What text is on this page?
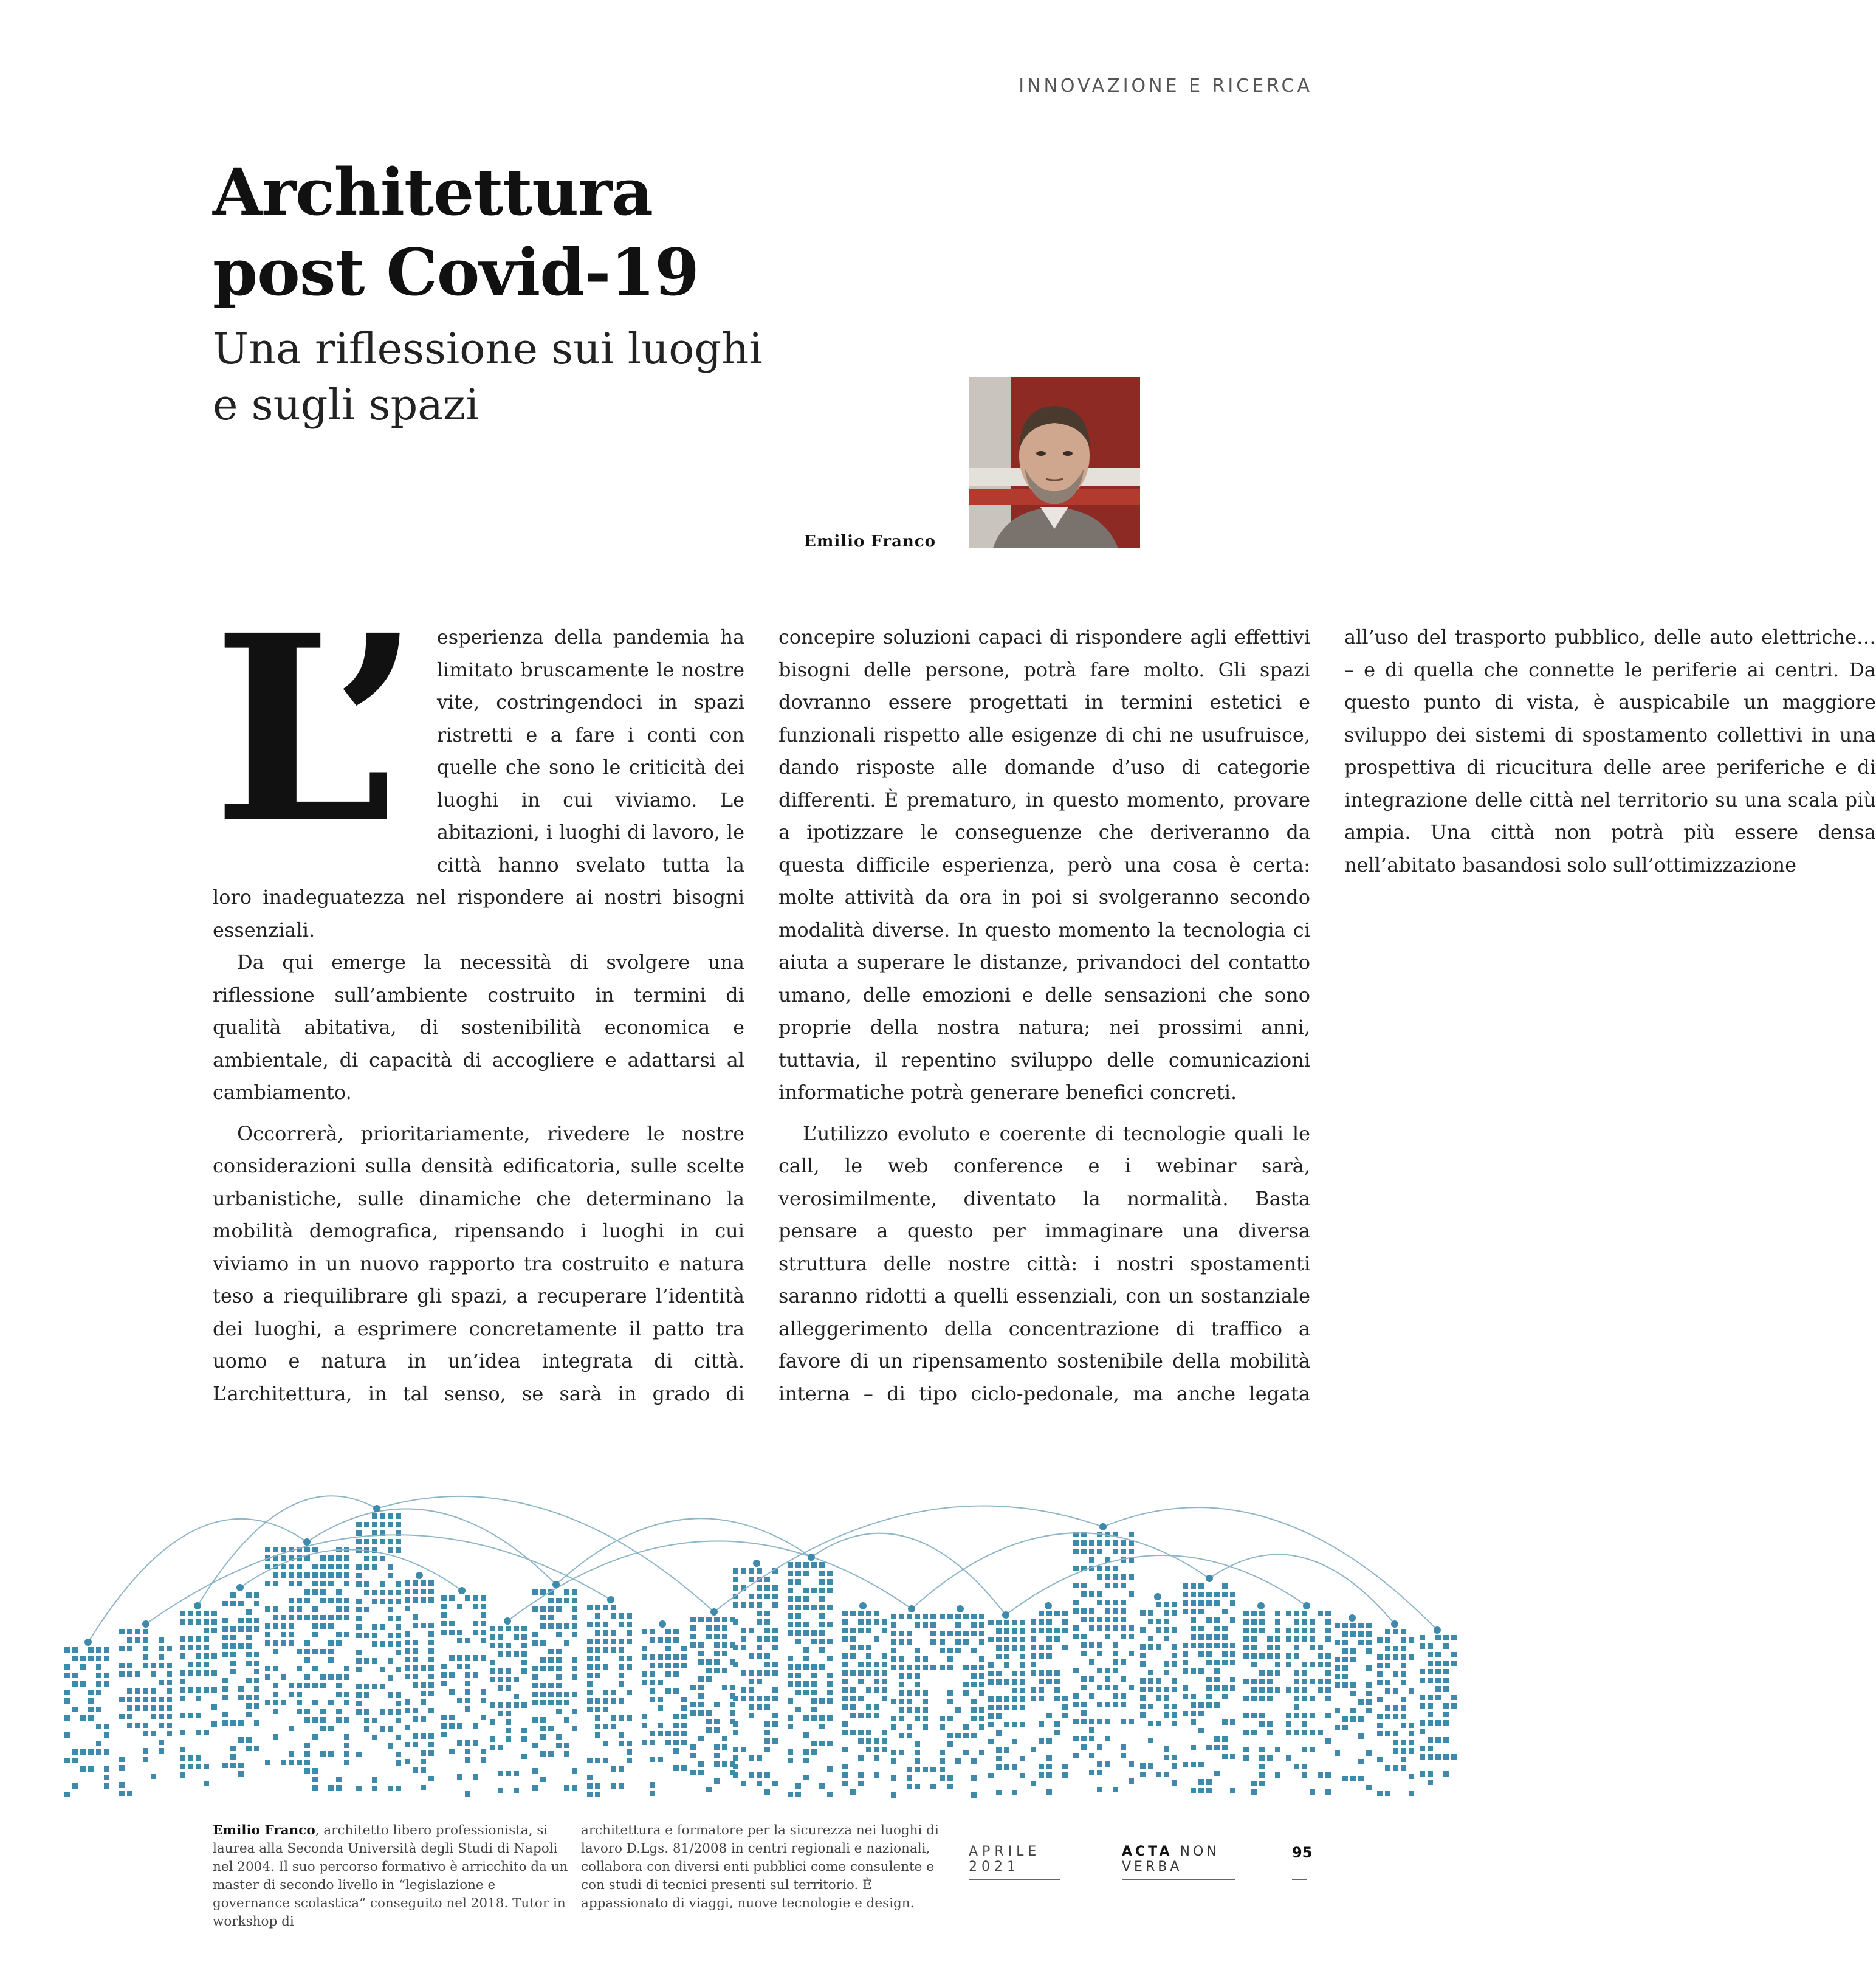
INNOVAZIONE E RICERCA
Architettura
post Covid-19
Una riflessione sui luoghi
e sugli spazi
Emilio Franco
L’ esperienza della pandemia ha limitato bruscamente le nostre vite, costringendoci in spazi ristretti e a fare i conti con quelle che sono le criticità dei luoghi in cui viviamo. Le abitazioni, i luoghi di lavoro, le città hanno svelato tutta la loro inadeguatezza nel rispondere ai nostri bisogni essenziali.

Da qui emerge la necessità di svolgere una riflessione sull’ambiente costruito in termini di qualità abitativa, di sostenibilità economica e ambientale, di capacità di accogliere e adattarsi al cambiamento.

Occorrerà, prioritariamente, rivedere le nostre considerazioni sulla densità edificatoria, sulle scelte urbanistiche, sulle dinamiche che determinano la mobilità demografica, ripensando i luoghi in cui viviamo in un nuovo rapporto tra costruito e natura teso a riequilibrare gli spazi, a recuperare l’identità dei luoghi, a esprimere concretamente il patto tra uomo e natura in un’idea integrata di città. L’architettura, in tal senso, se sarà in grado di concepire soluzioni capaci di rispondere agli effettivi bisogni delle persone, potrà fare molto. Gli spazi dovranno essere progettati in termini estetici e funzionali rispetto alle esigenze di chi ne usufruisce, dando risposte alle domande d’uso di categorie differenti. È prematuro, in questo momento, provare a ipotizzare le conseguenze che deriveranno da questa difficile esperienza, però una cosa è certa: molte attività da ora in poi si svolgeranno secondo modalità diverse. In questo momento la tecnologia ci aiuta a superare le distanze, privandoci del contatto umano, delle emozioni e delle sensazioni che sono proprie della nostra natura; nei prossimi anni, tuttavia, il repentino sviluppo delle comunicazioni informatiche potrà generare benefici concreti.

L’utilizzo evoluto e coerente di tecnologie quali le call, le web conference e i webinar sarà, verosimilmente, diventato la normalità. Basta pensare a questo per immaginare una diversa struttura delle nostre città: i nostri spostamenti saranno ridotti a quelli essenziali, con un sostanziale alleggerimento della concentrazione di traffico a favore di un ripensamento sostenibile della mobilità interna – di tipo ciclo-pedonale, ma anche legata all’uso del trasporto pubblico, delle auto elettriche… – e di quella che connette le periferie ai centri. Da questo punto di vista, è auspicabile un maggiore sviluppo dei sistemi di spostamento collettivi in una prospettiva di ricucitura delle aree periferiche e di integrazione delle città nel territorio su una scala più ampia. Una città non potrà più essere densa nell’abitato basandosi solo sull’ottimizzazione

Emilio Franco, architetto libero professionista, si laurea alla Seconda Università degli Studi di Napoli nel 2004. Il suo percorso formativo è arricchito da un master di secondo livello in “legislazione e governance scolastica” conseguito nel 2018. Tutor in workshop di
architettura e formatore per la sicurezza nei luoghi di lavoro D.Lgs. 81/2008 in centri regionali e nazionali, collabora con diversi enti pubblici come consulente e con studi di tecnici presenti sul territorio. È appassionato di viaggi, nuove tecnologie e design.
APRILE 2021
ACTA NON VERBA
95
